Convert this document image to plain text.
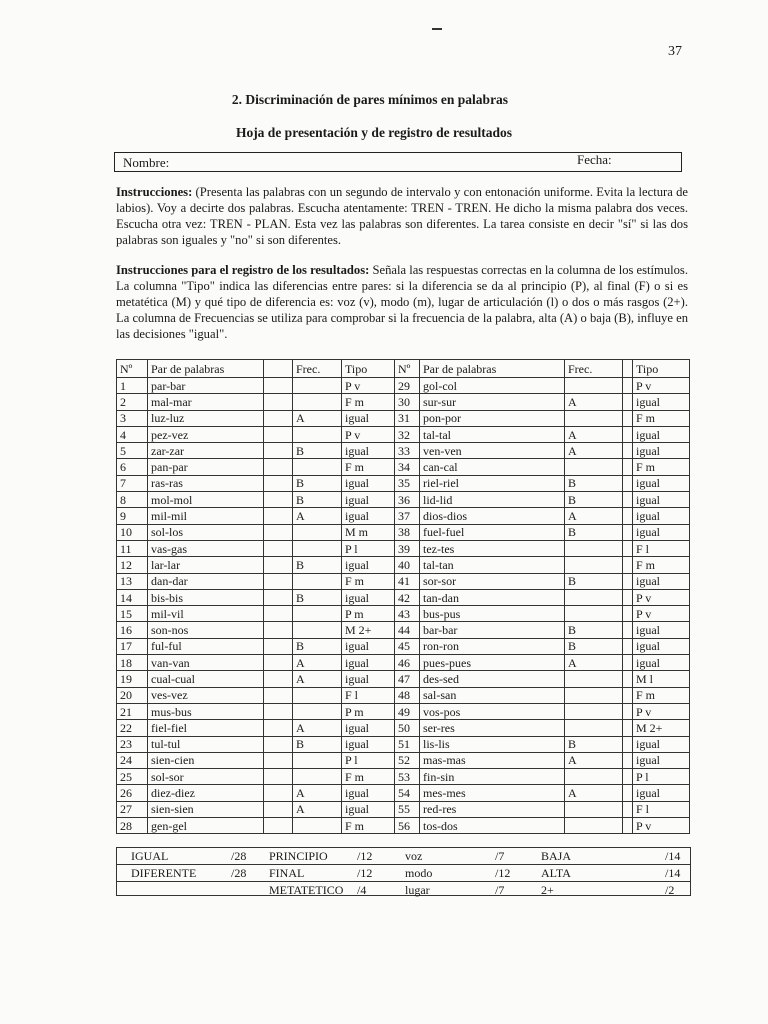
37
2. Discriminación de pares mínimos en palabras
Hoja de presentación y de registro de resultados
Nombre:	Fecha:
Instrucciones: (Presenta las palabras con un segundo de intervalo y con entonación uniforme. Evita la lectura de labios). Voy a decirte dos palabras. Escucha atentamente: TREN - TREN. He dicho la misma palabra dos veces. Escucha otra vez: TREN - PLAN. Esta vez las palabras son diferentes. La tarea consiste en decir "sí" si las dos palabras son iguales y "no" si son diferentes.
Instrucciones para el registro de los resultados: Señala las respuestas correctas en la columna de los estímulos. La columna "Tipo" indica las diferencias entre pares: si la diferencia se da al principio (P), al final (F) o si es metatética (M) y qué tipo de diferencia es: voz (v), modo (m), lugar de articulación (l) o dos o más rasgos (2+). La columna de Frecuencias se utiliza para comprobar si la frecuencia de la palabra, alta (A) o baja (B), influye en las decisiones "igual".
Nº	Par de palabras		Frec.	Tipo	Nº	Par de palabras	Frec.		Tipo
1	par-bar			P v	29	gol-col			P v
2	mal-mar			F m	30	sur-sur	A		igual
3	luz-luz		A	igual	31	pon-por			F m
4	pez-vez			P v	32	tal-tal	A		igual
5	zar-zar		B	igual	33	ven-ven	A		igual
6	pan-par			F m	34	can-cal			F m
7	ras-ras		B	igual	35	riel-riel	B		igual
8	mol-mol		B	igual	36	lid-lid	B		igual
9	mil-mil		A	igual	37	dios-dios	A		igual
10	sol-los			M m	38	fuel-fuel	B		igual
11	vas-gas			P l	39	tez-tes			F l
12	lar-lar		B	igual	40	tal-tan			F m
13	dan-dar			F m	41	sor-sor	B		igual
14	bis-bis		B	igual	42	tan-dan			P v
15	mil-vil			P m	43	bus-pus			P v
16	son-nos			M 2+	44	bar-bar	B		igual
17	ful-ful		B	igual	45	ron-ron	B		igual
18	van-van		A	igual	46	pues-pues	A		igual
19	cual-cual		A	igual	47	des-sed			M l
20	ves-vez			F l	48	sal-san			F m
21	mus-bus			P m	49	vos-pos			P v
22	fiel-fiel		A	igual	50	ser-res			M 2+
23	tul-tul		B	igual	51	lis-lis	B		igual
24	sien-cien			P l	52	mas-mas	A		igual
25	sol-sor			F m	53	fin-sin			P l
26	diez-diez		A	igual	54	mes-mes	A		igual
27	sien-sien		A	igual	55	red-res			F l
28	gen-gel			F m	56	tos-dos			P v
IGUAL	/28 PRINCIPIO /12	voz	/7	BAJA	/14
DIFERENTE	/28 FINAL	/12	modo	/12	ALTA	/14
METATETICO /4	lugar	/7	2+	/2
